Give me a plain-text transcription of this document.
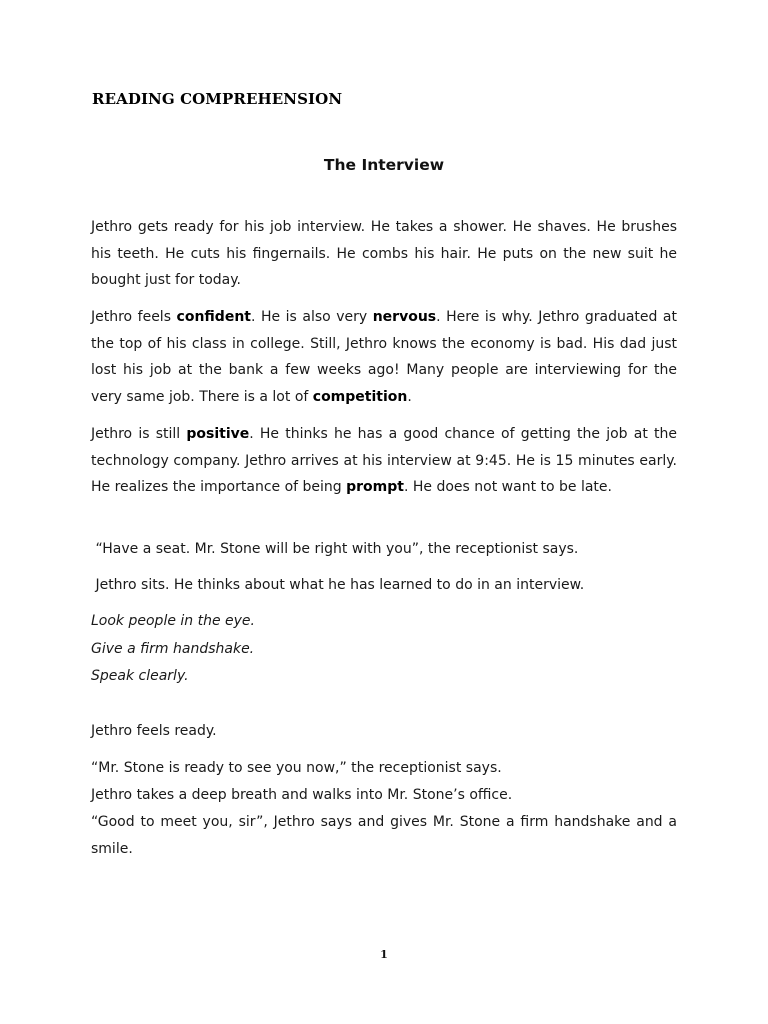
READING COMPREHENSION
The Interview

Jethro gets ready for his job interview. He takes a shower. He shaves. He brushes his teeth. He cuts his fingernails. He combs his hair. He puts on the new suit he bought just for today.

Jethro feels confident. He is also very nervous. Here is why. Jethro graduated at the top of his class in college. Still, Jethro knows the economy is bad. His dad just lost his job at the bank a few weeks ago! Many people are interviewing for the very same job. There is a lot of competition.

Jethro is still positive. He thinks he has a good chance of getting the job at the technology company. Jethro arrives at his interview at 9:45. He is 15 minutes early. He realizes the importance of being prompt. He does not want to be late.

“Have a seat. Mr. Stone will be right with you”, the receptionist says.

Jethro sits. He thinks about what he has learned to do in an interview.

Look people in the eye.

Give a firm handshake.

Speak clearly.

Jethro feels ready.

“Mr. Stone is ready to see you now,” the receptionist says.

Jethro takes a deep breath and walks into Mr. Stone’s office.

“Good to meet you, sir”, Jethro says and gives Mr. Stone a firm handshake and a smile.

1
